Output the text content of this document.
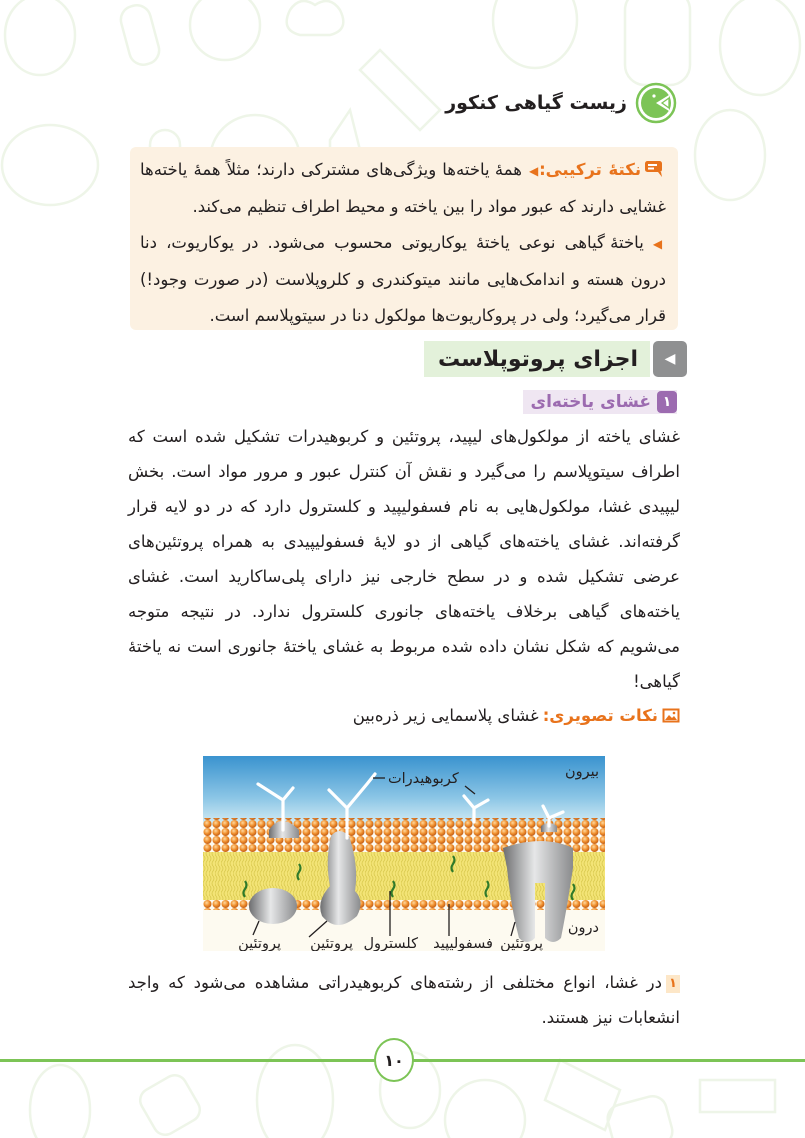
زیست گیاهی کنکور
نکتهٔ ترکیبی:◀ همهٔ یاخته‌ها ویژگی‌های مشترکی دارند؛ مثلاً همهٔ یاخته‌ها غشایی دارند که عبور مواد را بین یاخته و محیط اطراف تنظیم می‌کند.
◀ یاختهٔ گیاهی نوعی یاختهٔ یوکاریوتی محسوب می‌شود. در یوکاریوت، دنا درون هسته و اندامک‌هایی مانند میتوکندری و کلروپلاست (در صورت وجود!) قرار می‌گیرد؛ ولی در پروکاریوت‌ها مولکول دنا در سیتوپلاسم است.
◀
اجزای پروتوپلاست
۱
غشای یاخته‌ای
غشای یاخته از مولکول‌های لیپید، پروتئین و کربوهیدرات تشکیل شده است که اطراف سیتوپلاسم را می‌گیرد و نقش آن کنترل عبور و مرور مواد است. بخش لیپیدی غشا، مولکول‌هایی به نام فسفولیپید و کلسترول دارد که در دو لایه قرار گرفته‌اند. غشای یاخته‌های گیاهی از دو لایهٔ فسفولیپیدی به همراه پروتئین‌های عرضی تشکیل شده و در سطح خارجی نیز دارای پلی‌ساکارید است. غشای یاخته‌های گیاهی برخلاف یاخته‌های جانوری کلسترول ندارد. در نتیجه متوجه می‌شویم که شکل نشان داده شده مربوط به غشای یاختهٔ جانوری است نه یاختهٔ گیاهی!
نکات تصویری:
غشای پلاسمایی زیر ذره‌بین
بیرون
کربوهیدرات
درون
پروتئین
فسفولیپید
کلسترول
پروتئین
پروتئین
۱در غشا، انواع مختلفی از رشته‌های کربوهیدراتی مشاهده می‌شود که واجد انشعابات نیز هستند.
۱۰
